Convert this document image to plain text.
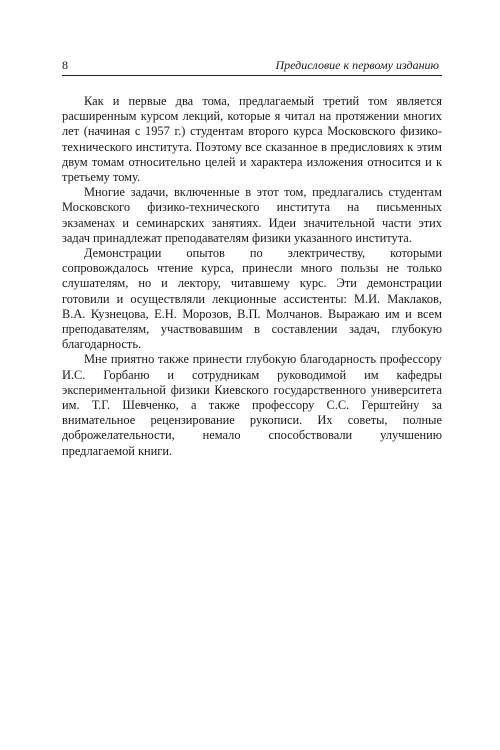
8	Предисловие к первому изданию

Как и первые два тома, предлагаемый третий том является расширенным курсом лекций, которые я читал на протяжении многих лет (начиная с 1957 г.) студентам второго курса Московского физико-технического института. Поэтому все сказанное в предисловиях к этим двум томам относительно целей и характера изложения относится и к третьему тому.

Многие задачи, включенные в этот том, предлагались студентам Московского физико-технического института на письменных экзаменах и семинарских занятиях. Идеи значительной части этих задач принадлежат преподавателям физики указанного института.

Демонстрации опытов по электричеству, которыми сопровождалось чтение курса, принесли много пользы не только слушателям, но и лектору, читавшему курс. Эти демонстрации готовили и осуществляли лекционные ассистенты: М.И. Маклаков, В.А. Кузнецова, Е.Н. Морозов, В.П. Молчанов. Выражаю им и всем преподавателям, участвовавшим в составлении задач, глубокую благодарность.

Мне приятно также принести глубокую благодарность профессору И.С. Горбаню и сотрудникам руководимой им кафедры экспериментальной физики Киевского государственного университета им. Т.Г. Шевченко, а также профессору С.С. Герштейну за внимательное рецензирование рукописи. Их советы, полные доброжелательности, немало способствовали улучшению предлагаемой книги.
